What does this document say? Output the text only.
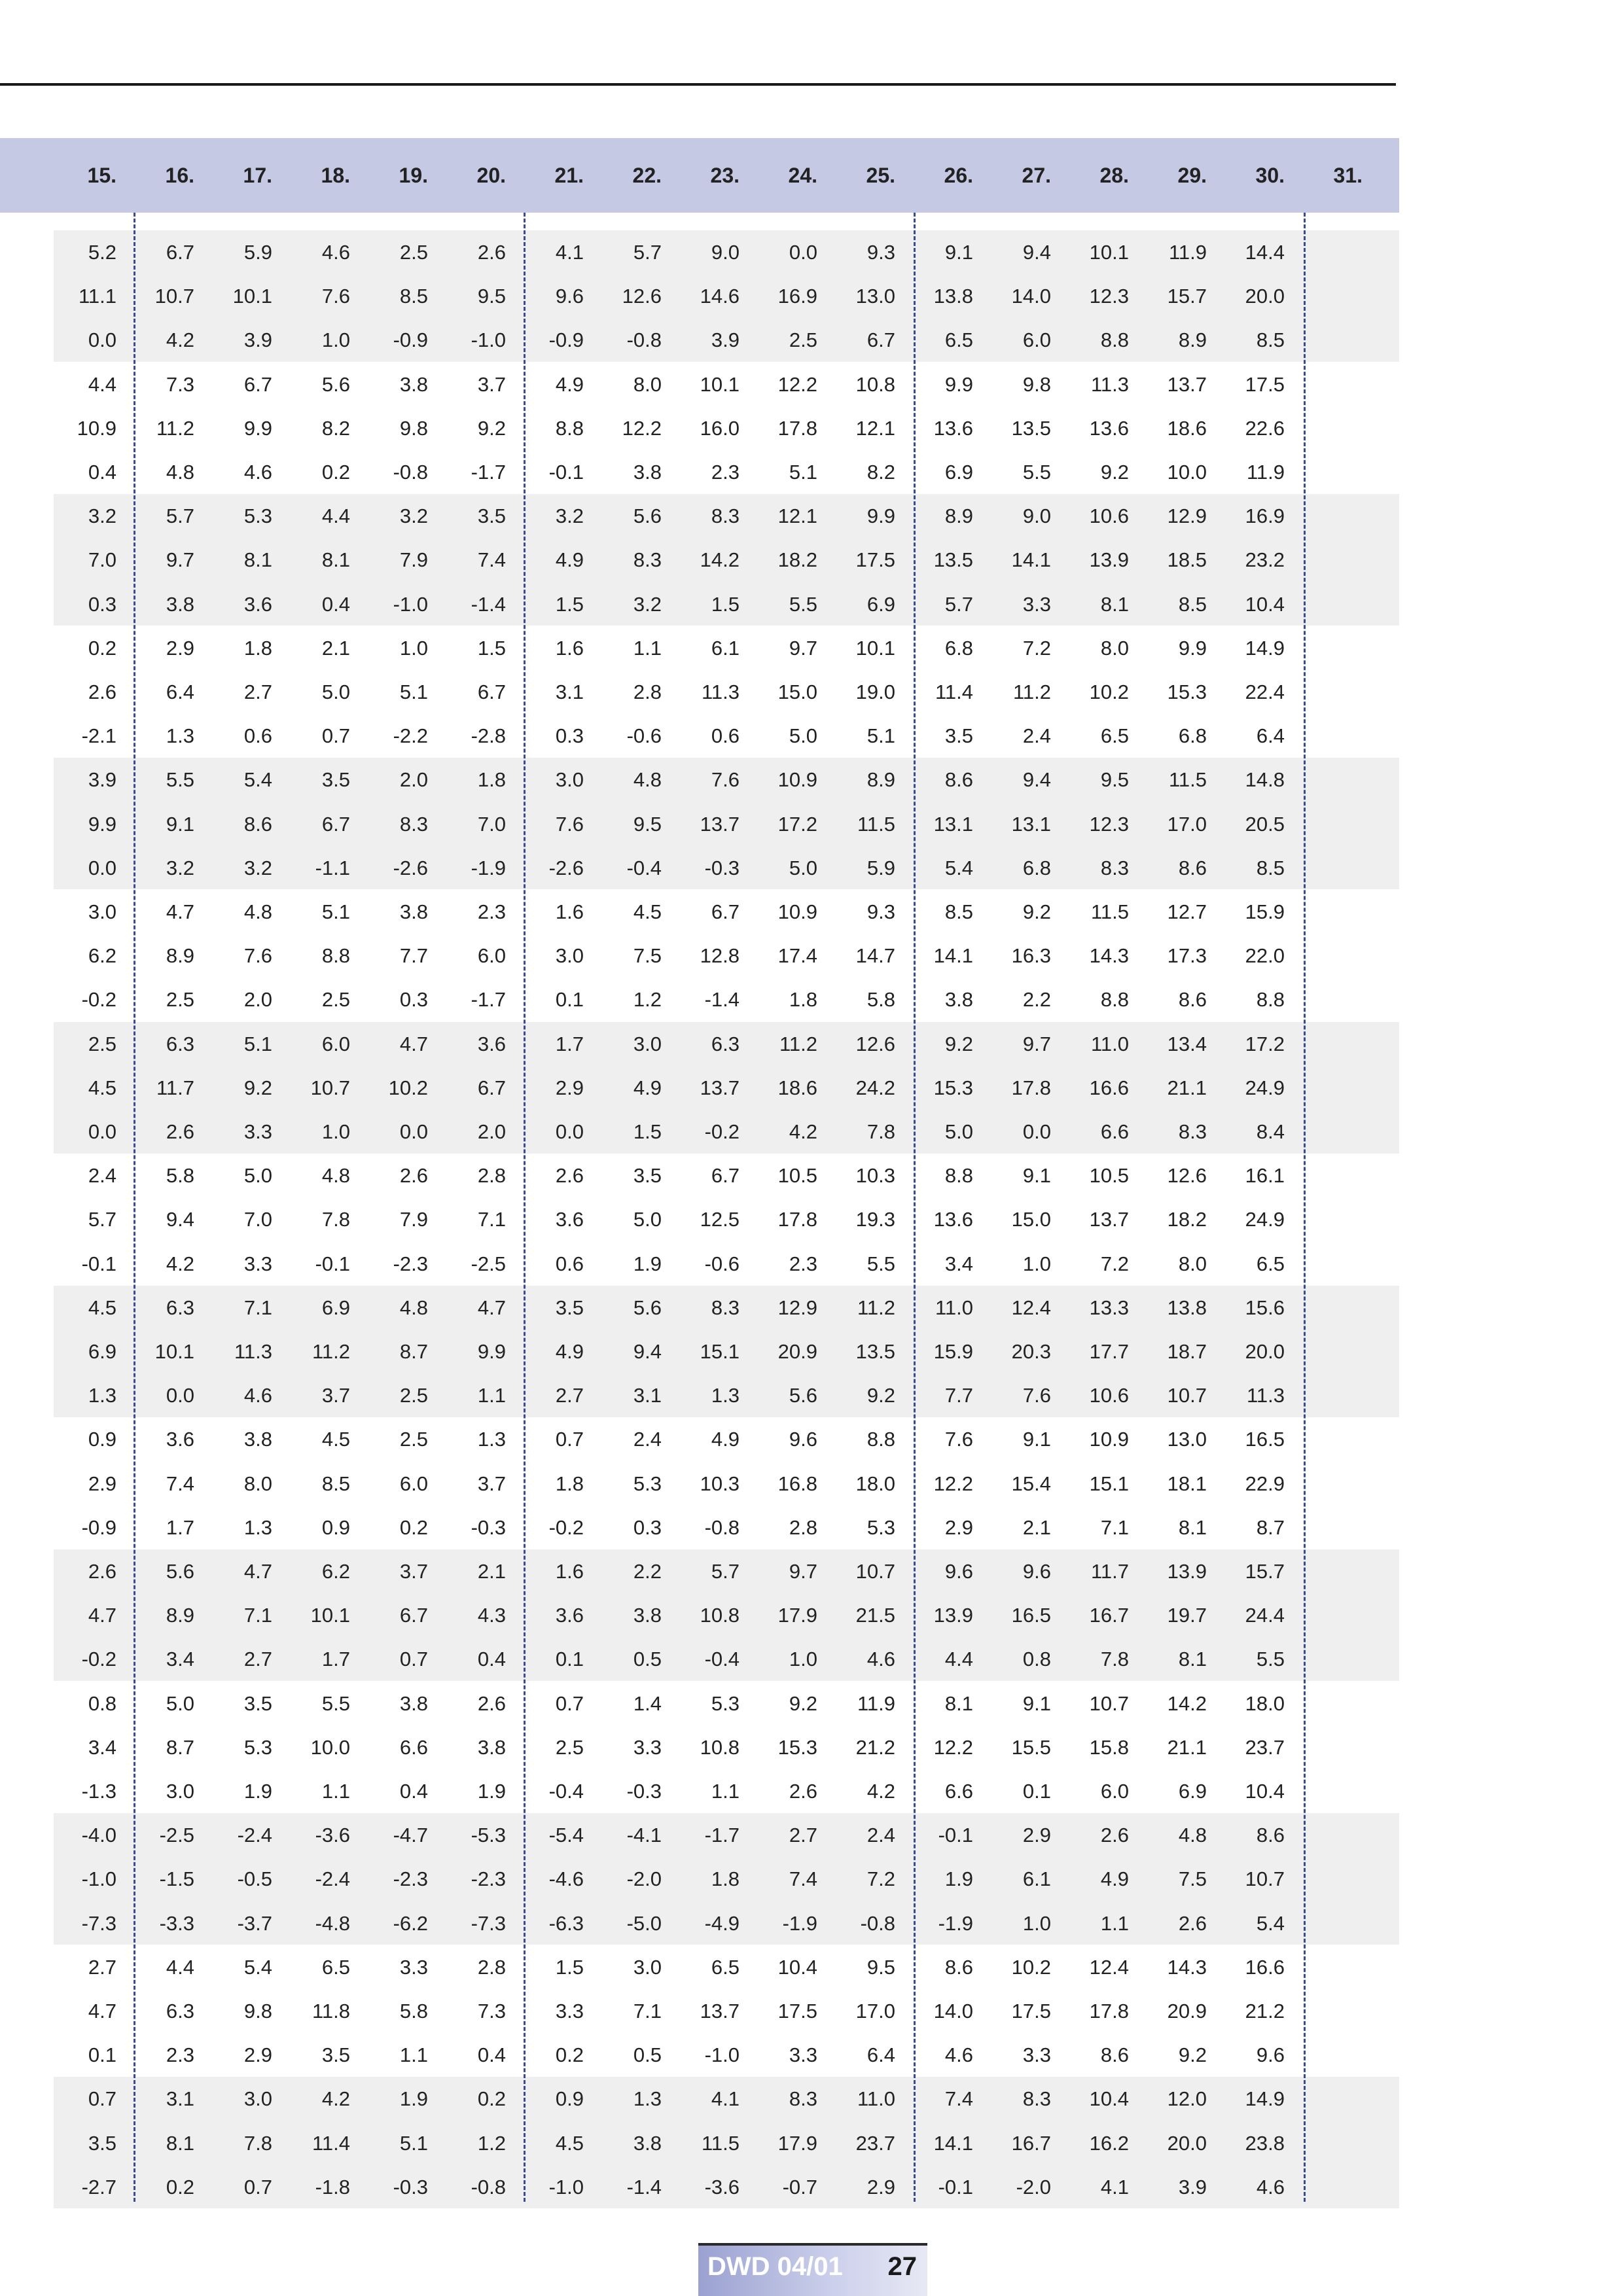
15.	16.	17.	18.	19.	20.	21.	22.	23.	24.	25.	26.	27.	28.	29.	30.	31.
5.2	6.7	5.9	4.6	2.5	2.6	4.1	5.7	9.0	0.0	9.3	9.1	9.4	10.1	11.9	14.4
11.1	10.7	10.1	7.6	8.5	9.5	9.6	12.6	14.6	16.9	13.0	13.8	14.0	12.3	15.7	20.0
0.0	4.2	3.9	1.0	-0.9	-1.0	-0.9	-0.8	3.9	2.5	6.7	6.5	6.0	8.8	8.9	8.5
4.4	7.3	6.7	5.6	3.8	3.7	4.9	8.0	10.1	12.2	10.8	9.9	9.8	11.3	13.7	17.5
10.9	11.2	9.9	8.2	9.8	9.2	8.8	12.2	16.0	17.8	12.1	13.6	13.5	13.6	18.6	22.6
0.4	4.8	4.6	0.2	-0.8	-1.7	-0.1	3.8	2.3	5.1	8.2	6.9	5.5	9.2	10.0	11.9
3.2	5.7	5.3	4.4	3.2	3.5	3.2	5.6	8.3	12.1	9.9	8.9	9.0	10.6	12.9	16.9
7.0	9.7	8.1	8.1	7.9	7.4	4.9	8.3	14.2	18.2	17.5	13.5	14.1	13.9	18.5	23.2
0.3	3.8	3.6	0.4	-1.0	-1.4	1.5	3.2	1.5	5.5	6.9	5.7	3.3	8.1	8.5	10.4
0.2	2.9	1.8	2.1	1.0	1.5	1.6	1.1	6.1	9.7	10.1	6.8	7.2	8.0	9.9	14.9
2.6	6.4	2.7	5.0	5.1	6.7	3.1	2.8	11.3	15.0	19.0	11.4	11.2	10.2	15.3	22.4
-2.1	1.3	0.6	0.7	-2.2	-2.8	0.3	-0.6	0.6	5.0	5.1	3.5	2.4	6.5	6.8	6.4
3.9	5.5	5.4	3.5	2.0	1.8	3.0	4.8	7.6	10.9	8.9	8.6	9.4	9.5	11.5	14.8
9.9	9.1	8.6	6.7	8.3	7.0	7.6	9.5	13.7	17.2	11.5	13.1	13.1	12.3	17.0	20.5
0.0	3.2	3.2	-1.1	-2.6	-1.9	-2.6	-0.4	-0.3	5.0	5.9	5.4	6.8	8.3	8.6	8.5
3.0	4.7	4.8	5.1	3.8	2.3	1.6	4.5	6.7	10.9	9.3	8.5	9.2	11.5	12.7	15.9
6.2	8.9	7.6	8.8	7.7	6.0	3.0	7.5	12.8	17.4	14.7	14.1	16.3	14.3	17.3	22.0
-0.2	2.5	2.0	2.5	0.3	-1.7	0.1	1.2	-1.4	1.8	5.8	3.8	2.2	8.8	8.6	8.8
2.5	6.3	5.1	6.0	4.7	3.6	1.7	3.0	6.3	11.2	12.6	9.2	9.7	11.0	13.4	17.2
4.5	11.7	9.2	10.7	10.2	6.7	2.9	4.9	13.7	18.6	24.2	15.3	17.8	16.6	21.1	24.9
0.0	2.6	3.3	1.0	0.0	2.0	0.0	1.5	-0.2	4.2	7.8	5.0	0.0	6.6	8.3	8.4
2.4	5.8	5.0	4.8	2.6	2.8	2.6	3.5	6.7	10.5	10.3	8.8	9.1	10.5	12.6	16.1
5.7	9.4	7.0	7.8	7.9	7.1	3.6	5.0	12.5	17.8	19.3	13.6	15.0	13.7	18.2	24.9
-0.1	4.2	3.3	-0.1	-2.3	-2.5	0.6	1.9	-0.6	2.3	5.5	3.4	1.0	7.2	8.0	6.5
4.5	6.3	7.1	6.9	4.8	4.7	3.5	5.6	8.3	12.9	11.2	11.0	12.4	13.3	13.8	15.6
6.9	10.1	11.3	11.2	8.7	9.9	4.9	9.4	15.1	20.9	13.5	15.9	20.3	17.7	18.7	20.0
1.3	0.0	4.6	3.7	2.5	1.1	2.7	3.1	1.3	5.6	9.2	7.7	7.6	10.6	10.7	11.3
0.9	3.6	3.8	4.5	2.5	1.3	0.7	2.4	4.9	9.6	8.8	7.6	9.1	10.9	13.0	16.5
2.9	7.4	8.0	8.5	6.0	3.7	1.8	5.3	10.3	16.8	18.0	12.2	15.4	15.1	18.1	22.9
-0.9	1.7	1.3	0.9	0.2	-0.3	-0.2	0.3	-0.8	2.8	5.3	2.9	2.1	7.1	8.1	8.7
2.6	5.6	4.7	6.2	3.7	2.1	1.6	2.2	5.7	9.7	10.7	9.6	9.6	11.7	13.9	15.7
4.7	8.9	7.1	10.1	6.7	4.3	3.6	3.8	10.8	17.9	21.5	13.9	16.5	16.7	19.7	24.4
-0.2	3.4	2.7	1.7	0.7	0.4	0.1	0.5	-0.4	1.0	4.6	4.4	0.8	7.8	8.1	5.5
0.8	5.0	3.5	5.5	3.8	2.6	0.7	1.4	5.3	9.2	11.9	8.1	9.1	10.7	14.2	18.0
3.4	8.7	5.3	10.0	6.6	3.8	2.5	3.3	10.8	15.3	21.2	12.2	15.5	15.8	21.1	23.7
-1.3	3.0	1.9	1.1	0.4	1.9	-0.4	-0.3	1.1	2.6	4.2	6.6	0.1	6.0	6.9	10.4
-4.0	-2.5	-2.4	-3.6	-4.7	-5.3	-5.4	-4.1	-1.7	2.7	2.4	-0.1	2.9	2.6	4.8	8.6
-1.0	-1.5	-0.5	-2.4	-2.3	-2.3	-4.6	-2.0	1.8	7.4	7.2	1.9	6.1	4.9	7.5	10.7
-7.3	-3.3	-3.7	-4.8	-6.2	-7.3	-6.3	-5.0	-4.9	-1.9	-0.8	-1.9	1.0	1.1	2.6	5.4
2.7	4.4	5.4	6.5	3.3	2.8	1.5	3.0	6.5	10.4	9.5	8.6	10.2	12.4	14.3	16.6
4.7	6.3	9.8	11.8	5.8	7.3	3.3	7.1	13.7	17.5	17.0	14.0	17.5	17.8	20.9	21.2
0.1	2.3	2.9	3.5	1.1	0.4	0.2	0.5	-1.0	3.3	6.4	4.6	3.3	8.6	9.2	9.6
0.7	3.1	3.0	4.2	1.9	0.2	0.9	1.3	4.1	8.3	11.0	7.4	8.3	10.4	12.0	14.9
3.5	8.1	7.8	11.4	5.1	1.2	4.5	3.8	11.5	17.9	23.7	14.1	16.7	16.2	20.0	23.8
-2.7	0.2	0.7	-1.8	-0.3	-0.8	-1.0	-1.4	-3.6	-0.7	2.9	-0.1	-2.0	4.1	3.9	4.6
DWD 04/01 27
